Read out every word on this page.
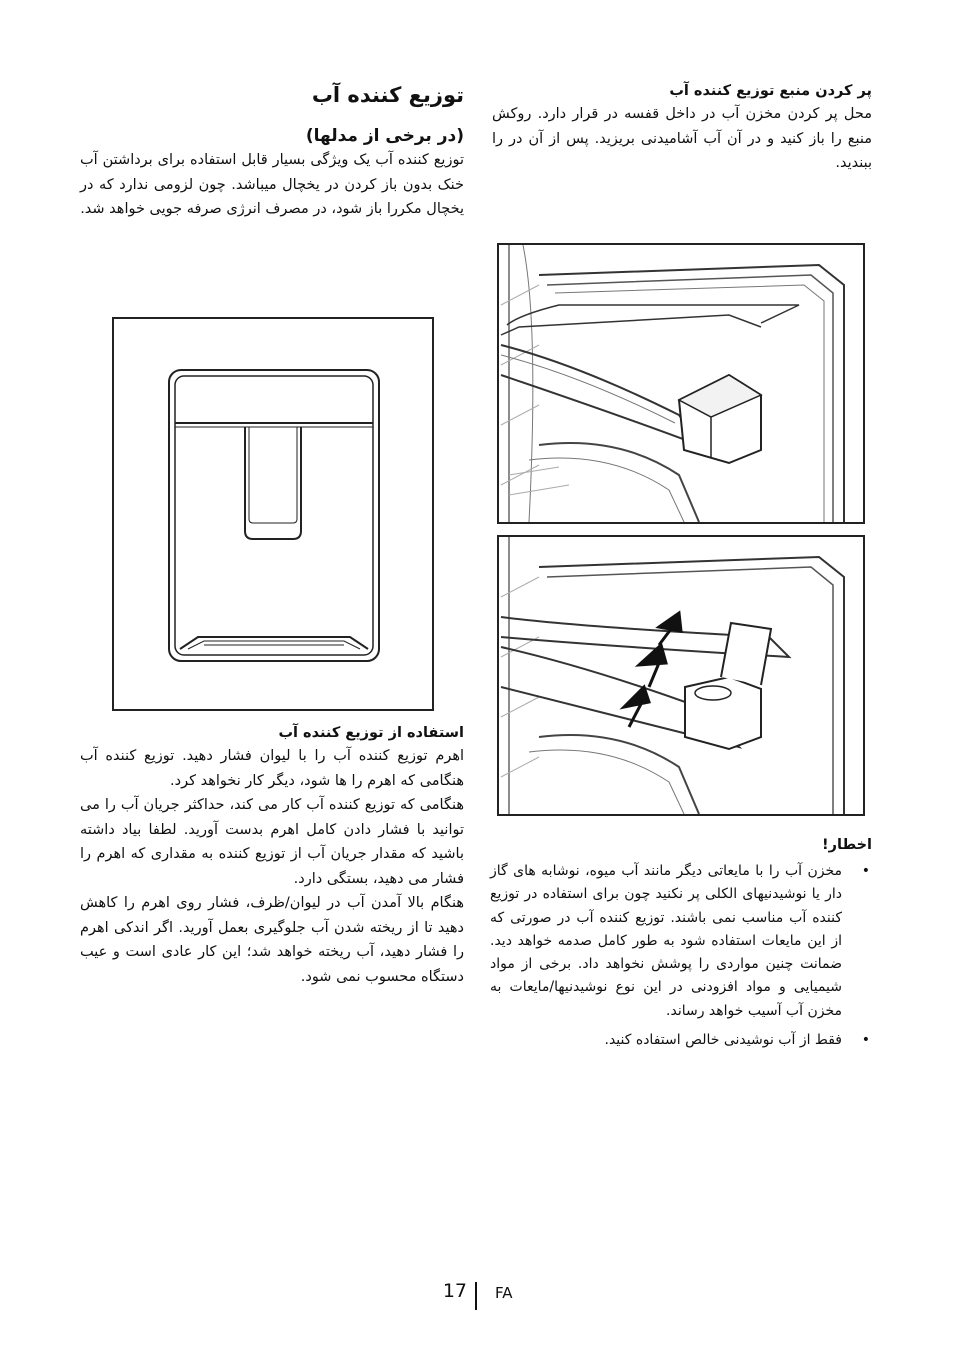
پر کردن منبع توزیع کننده آب

محل پر کردن مخزن آب در داخل قفسه در قرار دارد. روکش منبع را باز کنید و در آن آب آشامیدنی بریزید. پس از آن در را ببندید.

توزیع کننده آب

(در برخی از مدلها)

توزیع کننده آب یک ویژگی بسیار قابل استفاده برای برداشتن آب خنک بدون باز کردن در یخچال میباشد. چون لزومی ندارد که در یخچال مکررا باز شود، در مصرف انرژی صرفه جویی خواهد شد.

استفاده از توزیع کننده آب

اهرم توزیع کننده آب را با لیوان فشار دهید. توزیع کننده آب هنگامی که اهرم را ها شود، دیگر کار نخواهد کرد.

هنگامی که توزیع کننده آب کار می کند، حداکثر جریان آب را می توانید با فشار دادن کامل اهرم بدست آورید. لطفا بیاد داشته باشید که مقدار جریان آب از توزیع کننده به مقداری که اهرم را فشار می دهید، بستگی دارد.

هنگام بالا آمدن آب در لیوان/ظرف، فشار روی اهرم را کاهش دهید تا از ریخته شدن آب جلوگیری بعمل آورید. اگر اندکی اهرم را فشار دهید، آب ریخته خواهد شد؛ این کار عادی است و عیب دستگاه محسوب نمی شود.

اخطار!

• مخزن آب را با مایعاتی دیگر مانند آب میوه، نوشابه های گاز دار یا نوشیدنیهای الکلی پر نکنید چون برای استفاده در توزیع کننده آب مناسب نمی باشند. توزیع کننده آب در صورتی که از این مایعات استفاده شود به طور کامل صدمه خواهد دید. ضمانت چنین مواردی را پوشش نخواهد داد. برخی از مواد شیمیایی و مواد افزودنی در این نوع نوشیدنیها/مایعات به مخزن آب آسیب خواهد رساند.
• فقط از آب نوشیدنی خالص استفاده کنید.
17 FA
